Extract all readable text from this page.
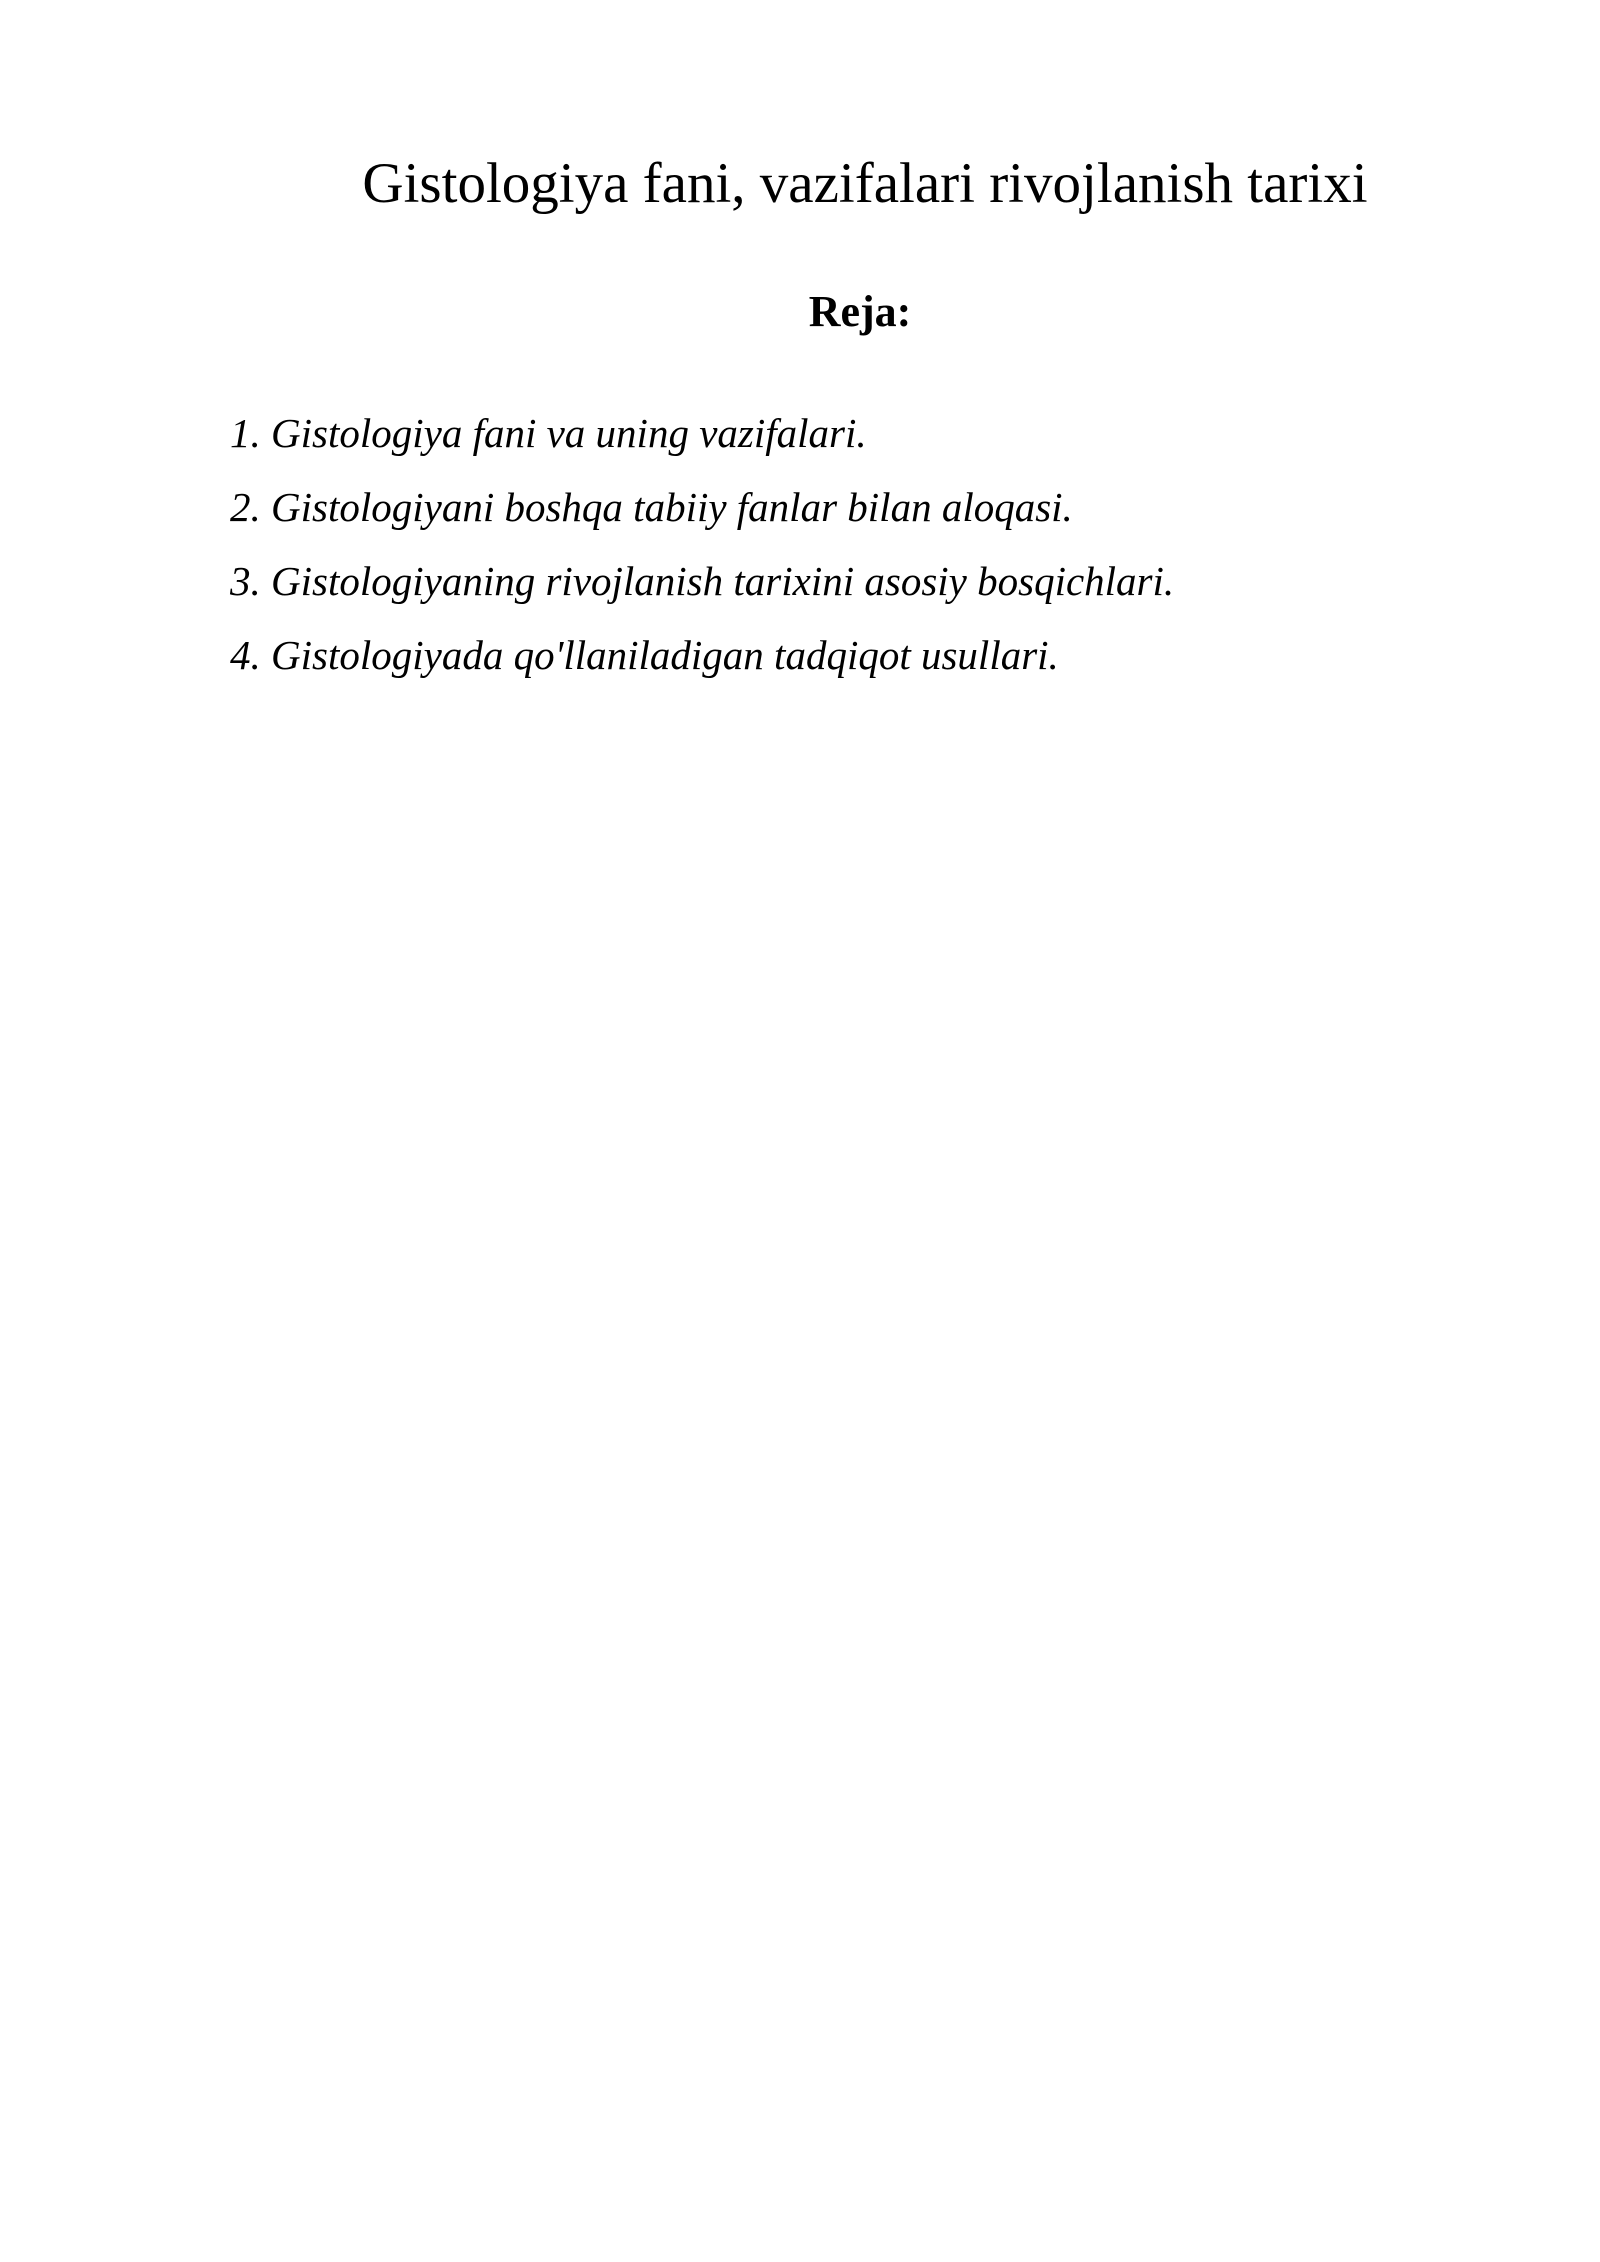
Gistologiya fani, vazifalari rivojlanish tarixi
Reja:
1. Gistologiya fani va uning vazifalari.
2. Gistologiyani boshqa tabiiy fanlar bilan aloqasi.
3. Gistologiyaning rivojlanish tarixini asosiy bosqichlari.
4. Gistologiyada qo'llaniladigan tadqiqot usullari.
